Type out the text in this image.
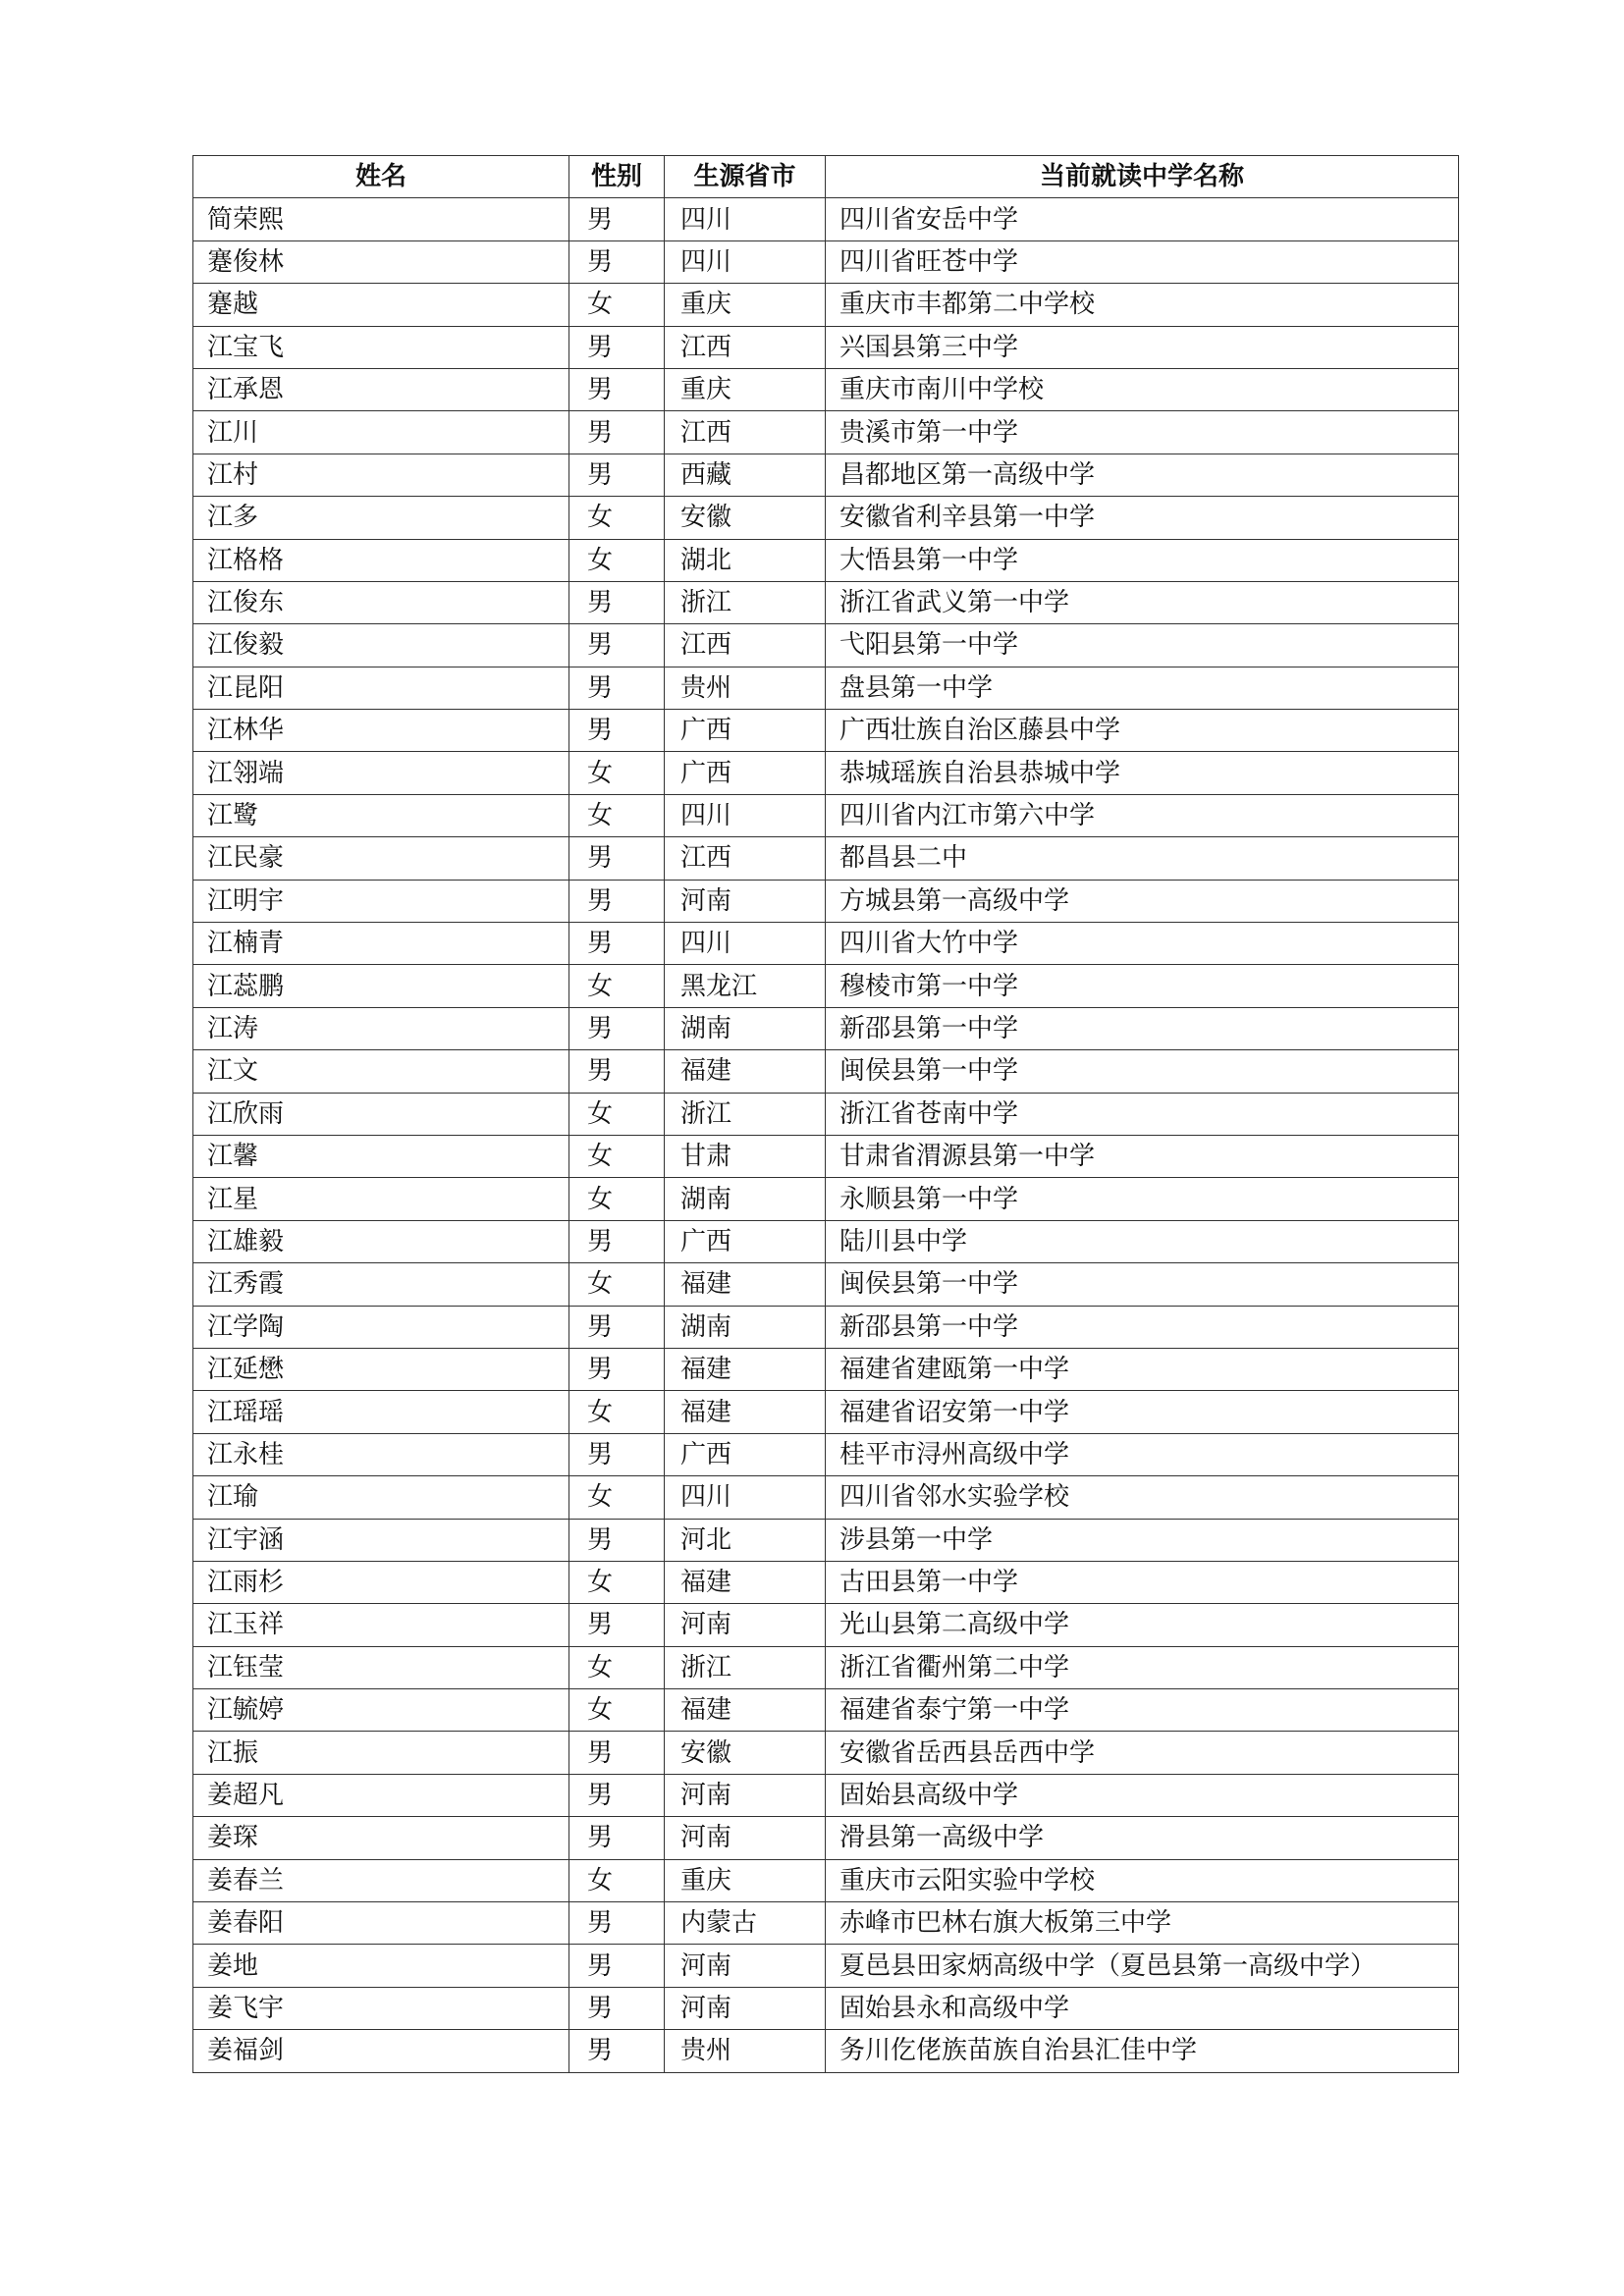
姓名	性别	生源省市	当前就读中学名称
简荣熙	男	四川	四川省安岳中学
蹇俊林	男	四川	四川省旺苍中学
蹇越	女	重庆	重庆市丰都第二中学校
江宝飞	男	江西	兴国县第三中学
江承恩	男	重庆	重庆市南川中学校
江川	男	江西	贵溪市第一中学
江村	男	西藏	昌都地区第一高级中学
江多	女	安徽	安徽省利辛县第一中学
江格格	女	湖北	大悟县第一中学
江俊东	男	浙江	浙江省武义第一中学
江俊毅	男	江西	弋阳县第一中学
江昆阳	男	贵州	盘县第一中学
江林华	男	广西	广西壮族自治区藤县中学
江翎端	女	广西	恭城瑶族自治县恭城中学
江鹭	女	四川	四川省内江市第六中学
江民豪	男	江西	都昌县二中
江明宇	男	河南	方城县第一高级中学
江楠青	男	四川	四川省大竹中学
江蕊鹏	女	黑龙江	穆棱市第一中学
江涛	男	湖南	新邵县第一中学
江文	男	福建	闽侯县第一中学
江欣雨	女	浙江	浙江省苍南中学
江馨	女	甘肃	甘肃省渭源县第一中学
江星	女	湖南	永顺县第一中学
江雄毅	男	广西	陆川县中学
江秀霞	女	福建	闽侯县第一中学
江学陶	男	湖南	新邵县第一中学
江延懋	男	福建	福建省建瓯第一中学
江瑶瑶	女	福建	福建省诏安第一中学
江永桂	男	广西	桂平市浔州高级中学
江瑜	女	四川	四川省邻水实验学校
江宇涵	男	河北	涉县第一中学
江雨杉	女	福建	古田县第一中学
江玉祥	男	河南	光山县第二高级中学
江钰莹	女	浙江	浙江省衢州第二中学
江毓婷	女	福建	福建省泰宁第一中学
江振	男	安徽	安徽省岳西县岳西中学
姜超凡	男	河南	固始县高级中学
姜琛	男	河南	滑县第一高级中学
姜春兰	女	重庆	重庆市云阳实验中学校
姜春阳	男	内蒙古	赤峰市巴林右旗大板第三中学
姜地	男	河南	夏邑县田家炳高级中学（夏邑县第一高级中学）
姜飞宇	男	河南	固始县永和高级中学
姜福剑	男	贵州	务川仡佬族苗族自治县汇佳中学
